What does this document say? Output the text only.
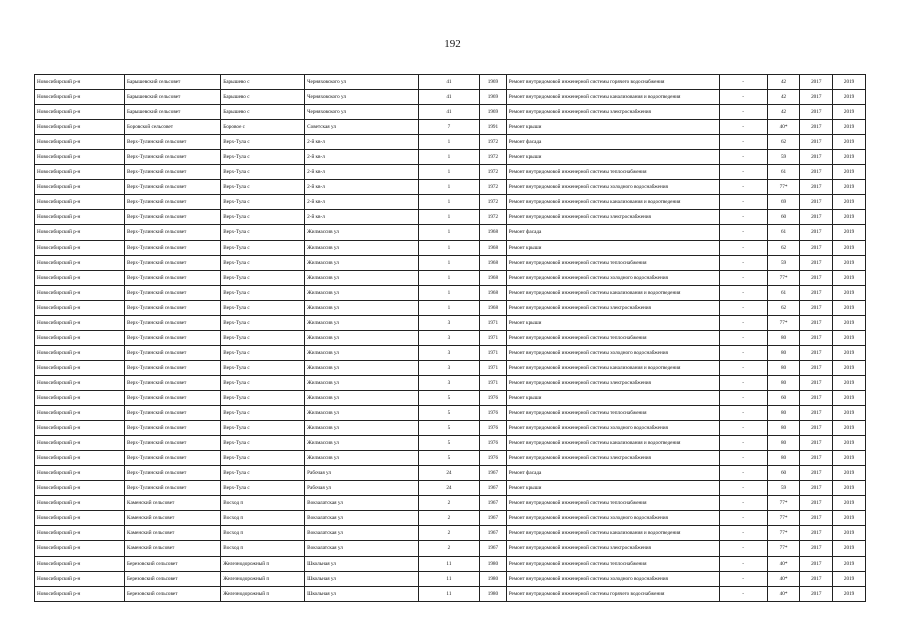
192
Новосибирский р-н	Барышевский сельсовет	Барышево с	Черняховского ул	41	1969	Ремонт внутридомовой инженерной системы горячего водоснабжения	-	42	2017	2019
Новосибирский р-н	Барышевский сельсовет	Барышево с	Черняховского ул	41	1969	Ремонт внутридомовой инженерной системы канализования и водоотведения	-	42	2017	2019
Новосибирский р-н	Барышевский сельсовет	Барышево с	Черняховского ул	41	1969	Ремонт внутридомовой инженерной системы электроснабжения	-	42	2017	2019
Новосибирский р-н	Боровской сельсовет	Боровое с	Советская ул	7	1991	Ремонт крыши	-	40*	2017	2019
Новосибирский р-н	Верх-Тулинский сельсовет	Верх-Тула с	2-й кв-л	1	1972	Ремонт фасада	-	62	2017	2019
Новосибирский р-н	Верх-Тулинский сельсовет	Верх-Тула с	2-й кв-л	1	1972	Ремонт крыши	-	59	2017	2019
Новосибирский р-н	Верх-Тулинский сельсовет	Верх-Тула с	2-й кв-л	1	1972	Ремонт внутридомовой инженерной системы теплоснабжения	-	61	2017	2019
Новосибирский р-н	Верх-Тулинский сельсовет	Верх-Тула с	2-й кв-л	1	1972	Ремонт внутридомовой инженерной системы холодного водоснабжения	-	77*	2017	2019
Новосибирский р-н	Верх-Тулинский сельсовет	Верх-Тула с	2-й кв-л	1	1972	Ремонт внутридомовой инженерной системы канализования и водоотведения	-	69	2017	2019
Новосибирский р-н	Верх-Тулинский сельсовет	Верх-Тула с	2-й кв-л	1	1972	Ремонт внутридомовой инженерной системы электроснабжения	-	60	2017	2019
Новосибирский р-н	Верх-Тулинский сельсовет	Верх-Тула с	Жилмассив ул	1	1968	Ремонт фасада	-	61	2017	2019
Новосибирский р-н	Верх-Тулинский сельсовет	Верх-Тула с	Жилмассив ул	1	1968	Ремонт крыши	-	62	2017	2019
Новосибирский р-н	Верх-Тулинский сельсовет	Верх-Тула с	Жилмассив ул	1	1968	Ремонт внутридомовой инженерной системы теплоснабжения	-	59	2017	2019
Новосибирский р-н	Верх-Тулинский сельсовет	Верх-Тула с	Жилмассив ул	1	1968	Ремонт внутридомовой инженерной системы холодного водоснабжения	-	77*	2017	2019
Новосибирский р-н	Верх-Тулинский сельсовет	Верх-Тула с	Жилмассив ул	1	1968	Ремонт внутридомовой инженерной системы канализования и водоотведения	-	61	2017	2019
Новосибирский р-н	Верх-Тулинский сельсовет	Верх-Тула с	Жилмассив ул	1	1968	Ремонт внутридомовой инженерной системы электроснабжения	-	62	2017	2019
Новосибирский р-н	Верх-Тулинский сельсовет	Верх-Тула с	Жилмассив ул	3	1971	Ремонт крыши	-	77*	2017	2019
Новосибирский р-н	Верх-Тулинский сельсовет	Верх-Тула с	Жилмассив ул	3	1971	Ремонт внутридомовой инженерной системы теплоснабжения	-	80	2017	2019
Новосибирский р-н	Верх-Тулинский сельсовет	Верх-Тула с	Жилмассив ул	3	1971	Ремонт внутридомовой инженерной системы холодного водоснабжения	-	80	2017	2019
Новосибирский р-н	Верх-Тулинский сельсовет	Верх-Тула с	Жилмассив ул	3	1971	Ремонт внутридомовой инженерной системы канализования и водоотведения	-	80	2017	2019
Новосибирский р-н	Верх-Тулинский сельсовет	Верх-Тула с	Жилмассив ул	3	1971	Ремонт внутридомовой инженерной системы электроснабжения	-	80	2017	2019
Новосибирский р-н	Верх-Тулинский сельсовет	Верх-Тула с	Жилмассив ул	5	1976	Ремонт крыши	-	60	2017	2019
Новосибирский р-н	Верх-Тулинский сельсовет	Верх-Тула с	Жилмассив ул	5	1976	Ремонт внутридомовой инженерной системы теплоснабжения	-	80	2017	2019
Новосибирский р-н	Верх-Тулинский сельсовет	Верх-Тула с	Жилмассив ул	5	1976	Ремонт внутридомовой инженерной системы холодного водоснабжения	-	80	2017	2019
Новосибирский р-н	Верх-Тулинский сельсовет	Верх-Тула с	Жилмассив ул	5	1976	Ремонт внутридомовой инженерной системы канализования и водоотведения	-	80	2017	2019
Новосибирский р-н	Верх-Тулинский сельсовет	Верх-Тула с	Жилмассив ул	5	1976	Ремонт внутридомовой инженерной системы электроснабжения	-	80	2017	2019
Новосибирский р-н	Верх-Тулинский сельсовет	Верх-Тула с	Рабочая ул	24	1967	Ремонт фасада	-	60	2017	2019
Новосибирский р-н	Верх-Тулинский сельсовет	Верх-Тула с	Рабочая ул	24	1967	Ремонт крыши	-	59	2017	2019
Новосибирский р-н	Каменский сельсовет	Восход п	Вокзалатская ул	2	1967	Ремонт внутридомовой инженерной системы теплоснабжения	-	77*	2017	2019
Новосибирский р-н	Каменский сельсовет	Восход п	Вокзалатская ул	2	1967	Ремонт внутридомовой инженерной системы холодного водоснабжения	-	77*	2017	2019
Новосибирский р-н	Каменский сельсовет	Восход п	Вокзалатская ул	2	1967	Ремонт внутридомовой инженерной системы канализования и водоотведения	-	77*	2017	2019
Новосибирский р-н	Каменский сельсовет	Восход п	Вокзалатская ул	2	1967	Ремонт внутридомовой инженерной системы электроснабжения	-	77*	2017	2019
Новосибирский р-н	Березовский сельсовет	Железнодорожный п	Школьная ул	11	1980	Ремонт внутридомовой инженерной системы теплоснабжения	-	40*	2017	2019
Новосибирский р-н	Березовский сельсовет	Железнодорожный п	Школьная ул	11	1980	Ремонт внутридомовой инженерной системы холодного водоснабжения	-	40*	2017	2019
Новосибирский р-н	Березовский сельсовет	Железнодорожный п	Школьная ул	11	1980	Ремонт внутридомовой инженерной системы горячего водоснабжения	-	40*	2017	2019
